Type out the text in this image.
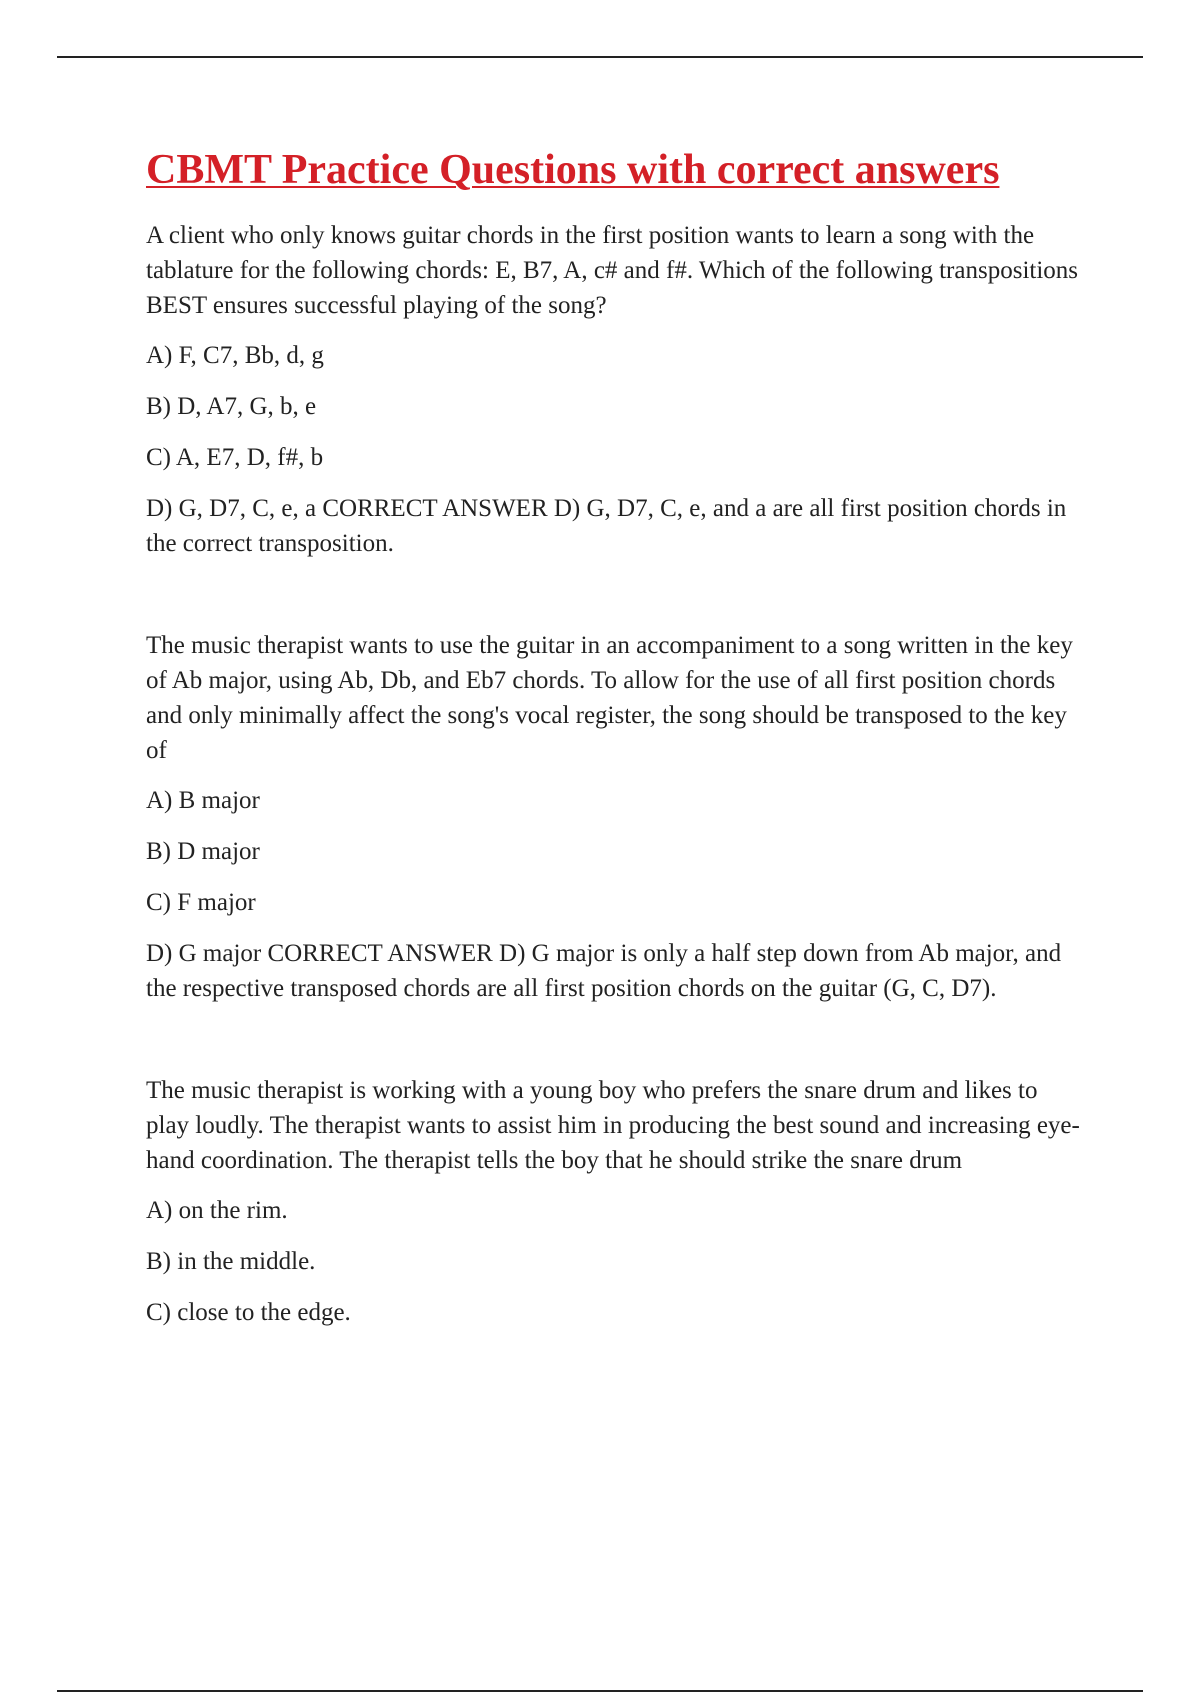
CBMT Practice Questions with correct answers

A client who only knows guitar chords in the first position wants to learn a song with the tablature for the following chords: E, B7, A, c# and f#. Which of the following transpositions BEST ensures successful playing of the song?

A) F, C7, Bb, d, g

B) D, A7, G, b, e

C) A, E7, D, f#, b

D) G, D7, C, e, a CORRECT ANSWER D) G, D7, C, e, and a are all first position chords in the correct transposition.

The music therapist wants to use the guitar in an accompaniment to a song written in the key of Ab major, using Ab, Db, and Eb7 chords. To allow for the use of all first position chords and only minimally affect the song's vocal register, the song should be transposed to the key of

A) B major

B) D major

C) F major

D) G major CORRECT ANSWER D) G major is only a half step down from Ab major, and the respective transposed chords are all first position chords on the guitar (G, C, D7).

The music therapist is working with a young boy who prefers the snare drum and likes to play loudly. The therapist wants to assist him in producing the best sound and increasing eye-hand coordination. The therapist tells the boy that he should strike the snare drum

A) on the rim.

B) in the middle.

C) close to the edge.
